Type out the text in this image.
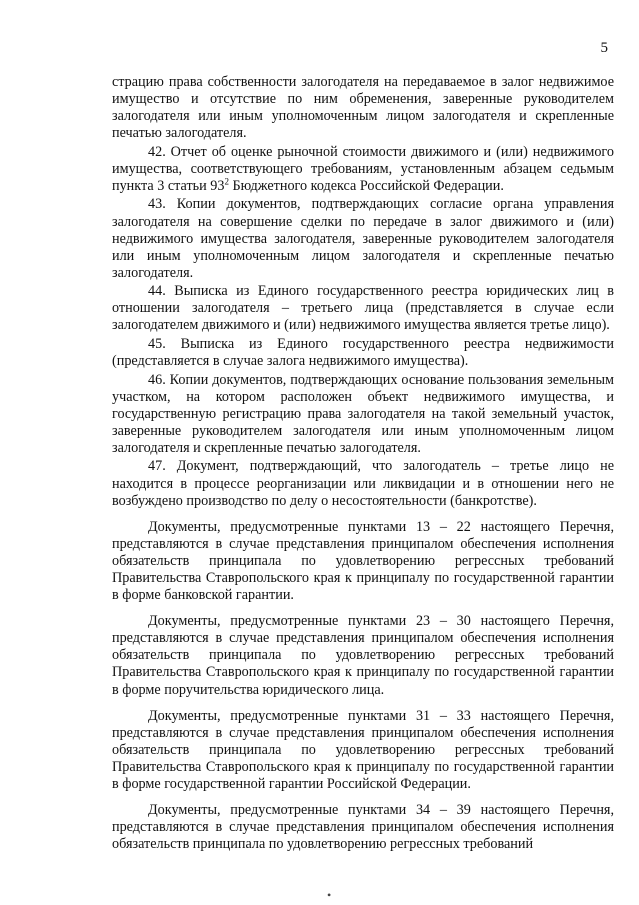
5

страцию права собственности залогодателя на передаваемое в залог недвижимое имущество и отсутствие по ним обременения, заверенные руководителем залогодателя или иным уполномоченным лицом залогодателя и скрепленные печатью залогодателя.

42. Отчет об оценке рыночной стоимости движимого и (или) недвижимого имущества, соответствующего требованиям, установленным абзацем седьмым пункта 3 статьи $93^2$ Бюджетного кодекса Российской Федерации.

43. Копии документов, подтверждающих согласие органа управления залогодателя на совершение сделки по передаче в залог движимого и (или) недвижимого имущества залогодателя, заверенные руководителем залогодателя или иным уполномоченным лицом залогодателя и скрепленные печатью залогодателя.

44. Выписка из Единого государственного реестра юридических лиц в отношении залогодателя – третьего лица (представляется в случае если залогодателем движимого и (или) недвижимого имущества является третье лицо).

45. Выписка из Единого государственного реестра недвижимости (представляется в случае залога недвижимого имущества).

46. Копии документов, подтверждающих основание пользования земельным участком, на котором расположен объект недвижимого имущества, и государственную регистрацию права залогодателя на такой земельный участок, заверенные руководителем залогодателя или иным уполномоченным лицом залогодателя и скрепленные печатью залогодателя.

47. Документ, подтверждающий, что залогодатель – третье лицо не находится в процессе реорганизации или ликвидации и в отношении него не возбуждено производство по делу о несостоятельности (банкротстве).

Документы, предусмотренные пунктами 13 – 22 настоящего Перечня, представляются в случае представления принципалом обеспечения исполнения обязательств принципала по удовлетворению регрессных требований Правительства Ставропольского края к принципалу по государственной гарантии в форме банковской гарантии.

Документы, предусмотренные пунктами 23 – 30 настоящего Перечня, представляются в случае представления принципалом обеспечения исполнения обязательств принципала по удовлетворению регрессных требований Правительства Ставропольского края к принципалу по государственной гарантии в форме поручительства юридического лица.

Документы, предусмотренные пунктами 31 – 33 настоящего Перечня, представляются в случае представления принципалом обеспечения исполнения обязательств принципала по удовлетворению регрессных требований Правительства Ставропольского края к принципалу по государственной гарантии в форме государственной гарантии Российской Федерации.

Документы, предусмотренные пунктами 34 – 39 настоящего Перечня, представляются в случае представления принципалом обеспечения исполнения обязательств принципала по удовлетворению регрессных требований

•
